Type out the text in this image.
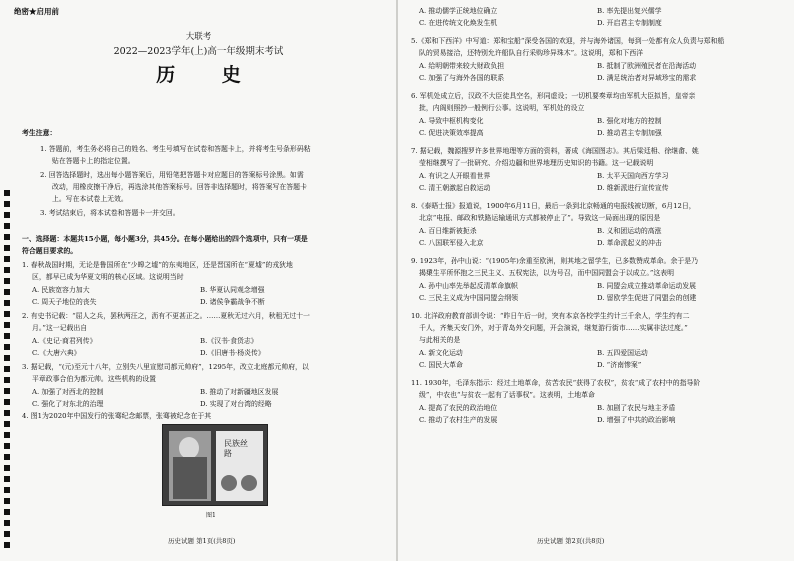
绝密★启用前
大联考
2022—2023学年(上)高一年级期末考试
历 史
考生注意：
1. 答题前，考生务必将自己的姓名、考生号填写在试卷和答题卡上，并将考生号条形码粘
贴在答题卡上的指定位置。
2. 回答选择题时，选出每小题答案后，用铅笔把答题卡对应题目的答案标号涂黑。如需
改动，用橡皮擦干净后，再选涂其他答案标号。回答非选择题时，将答案写在答题卡
上。写在本试卷上无效。
3. 考试结束后，将本试卷和答题卡一并交回。
一、选择题：本题共15小题，每小题3分，共45分。在每小题给出的四个选项中，只有一项是
符合题目要求的。
1. 春秋战国时期，无论是鲁国所在“少皞之墟”的东夷地区，还是晋国所在“夏墟”的戎狄地
区，都早已成为华夏文明的核心区域。这说明当时
A. 民族宽容力加大	B. 华夏认同观念增强
C. 周天子地位的丧失	D. 诸侯争霸战争不断
2. 有史书记载：“屈人之兵，罢秋两汪之，沥有不更甚正之。……夏秋无过六月，秋租无过十一
月。”这一记载出自
A.《史记·商君列传》	B.《汉书·食货志》
C.《大唐六典》	D.《旧唐书·杨炎传》
3. 据记载，“(元)至元十八年，立别失八里宣慰司都元帅府”，1295年，改立北庭都元帅府，以
平章政事合伯为都元帅。这些机构的设置
A. 加强了对西北的控制	B. 推动了对新疆地区发展
C. 强化了对东北的治理	D. 实现了对台湾的经略
4. 图1为2020年中国发行的张骞纪念邮票，张骞被纪念在于其
民族丝路
图1
历史试题 第1页(共8页)
A. 推动儒学正统地位确立	B. 率先提出复兴儒学
C. 在进传统文化焕发生机	D. 开启君主专制制度
5.《郑和下西洋》中写道：郑和宝船“深受各国的欢迎，并与海外诸国，每到一处都有众人负责与郑和船
队的贸易接洽，还特别允许船队自行采购珍异珠木”。这说明，郑和下西洋
A. 给明朝带来较大财政负担	B. 抵制了欧洲殖民者在沿海活动
C. 加强了与海外各国的联系	D. 满足统治者对异域珍宝的需求
6. 军机处成立后，汉政不大臣徒具空名，形同虚设；一切机要奏章均由军机大臣拟旨，皇帝亲
批，内阁则照抄一般例行公事。这说明，军机处的设立
A. 导致中枢机构变化	B. 强化对地方的控制
C. 促进决策效率提高	D. 推动君主专制加强
7. 据记载，魏源搜罗许多世界地理等方面的资料，著成《海国图志》。其后梁廷枏、徐继畬、姚
莹相继撰写了一批研究、介绍边疆和世界地理历史知识的书籍。这一记载说明
A. 有识之人开眼看世界	B. 太平天国向西方学习
C. 清王朝激起自救运动	D. 维新派进行宣传宣传
8.《泰晤士报》报道说，1900年6月11日，最后一条到北京畅通的电报线被切断，6月12日，
北京“电报、邮政和铁路运输通讯方式都被停止了”。导致这一局面出现的原因是
A. 百日维新被扼杀	B. 义和团运动的高涨
C. 八国联军侵入北京	D. 革命派起义的冲击
9. 1923年，孙中山说：“(1905年)余重至欧洲，则其地之留学生，已多数赞成革命。余于是乃
揭橥生平所怀抱之三民主义、五权宪法，以为号召，而中国同盟会于以成立。”这表明
A. 孙中山率先举起反清革命旗帜	B. 同盟会成立推动革命运动发展
C. 三民主义成为中国同盟会纲领	D. 留欧学生促进了同盟会的创建
10. 北洋政府教育部训令说：“昨日午后一时，突有本京各校学生约计三千余人，学生约有二
千人，齐集天安门外，对于青岛外交问题，开会演说，继复游行街市……实属非法过度。”
与此相关的是
A. 新文化运动	B. 五四爱国运动
C. 国民大革命	D. “济南惨案”
11. 1930年，毛泽东指示：经过土地革命，贫苦农民“获得了农权”，贫农“成了农村中的指导阶
级”，中农也“与贫农一起有了话事权”。这表明，土地革命
A. 提高了农民的政治地位	B. 加剧了农民与地主矛盾
C. 推动了农村生产的发展	D. 增强了中共的政治影响
历史试题 第2页(共8页)
